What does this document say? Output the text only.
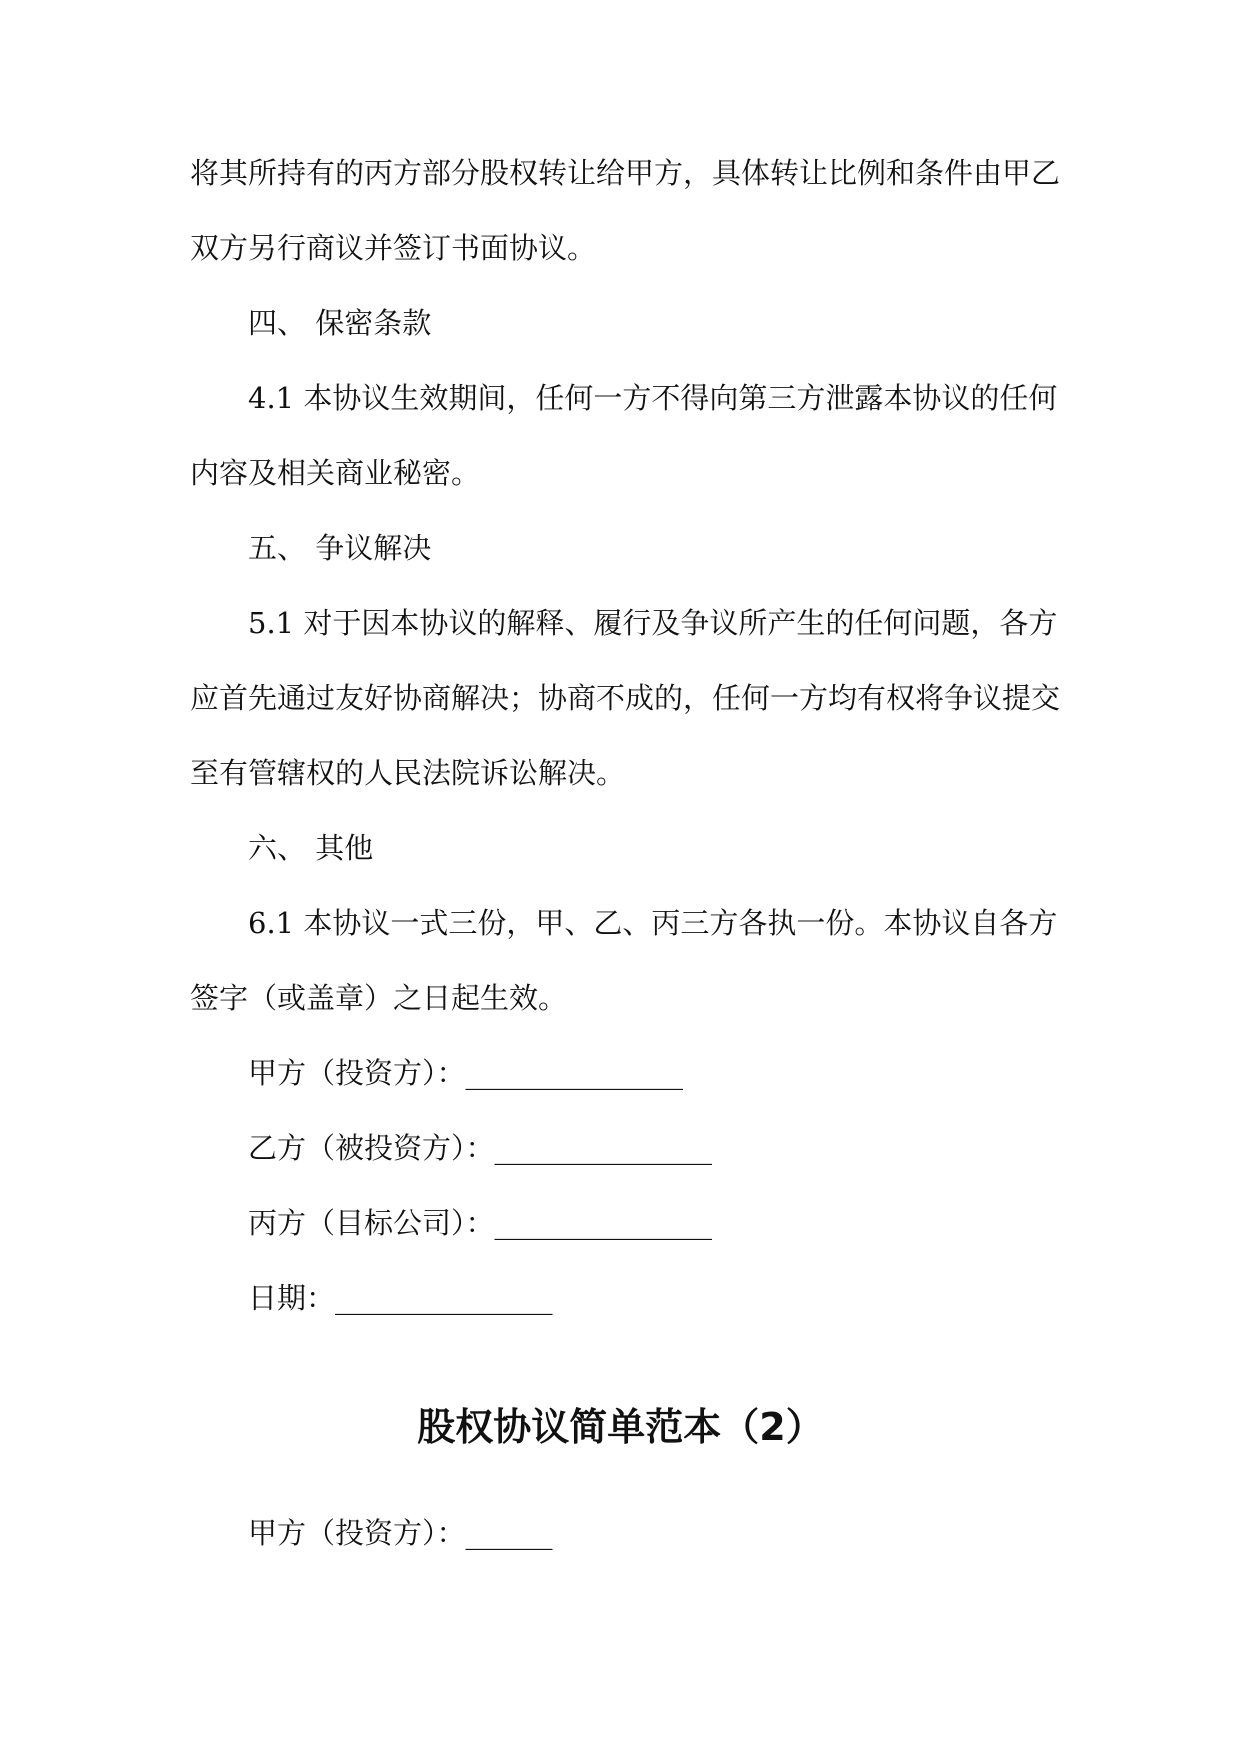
将其所持有的丙方部分股权转让给甲方，具体转让比例和条件由甲乙
双方另行商议并签订书面协议。
四、 保密条款
4.1 本协议生效期间，任何一方不得向第三方泄露本协议的任何
内容及相关商业秘密。
五、 争议解决
5.1 对于因本协议的解释、履行及争议所产生的任何问题，各方
应首先通过友好协商解决；协商不成的，任何一方均有权将争议提交
至有管辖权的人民法院诉讼解决。
六、 其他
6.1 本协议一式三份，甲、乙、丙三方各执一份。本协议自各方
签字（或盖章）之日起生效。
甲方（投资方）：_______________
乙方（被投资方）：_______________
丙方（目标公司）：_______________
日期：_______________
股权协议简单范本（2）
甲方（投资方）：______
